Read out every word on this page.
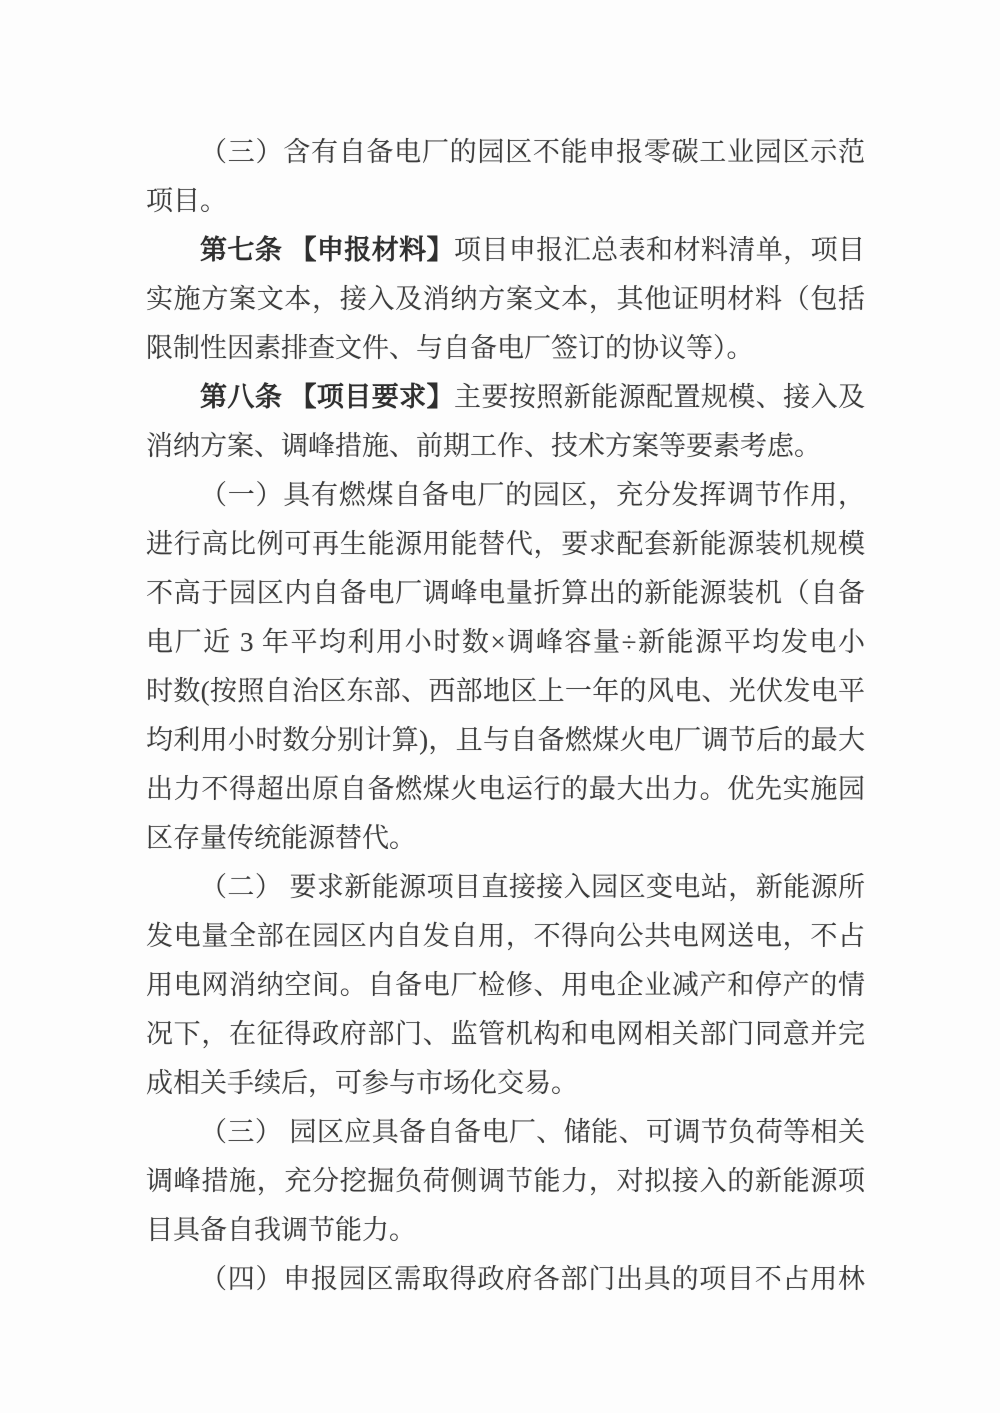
（三）含有自备电厂的园区不能申报零碳工业园区示范
项目。
第七条 【申报材料】项目申报汇总表和材料清单，项目
实施方案文本，接入及消纳方案文本，其他证明材料（包括
限制性因素排查文件、与自备电厂签订的协议等）。
第八条 【项目要求】主要按照新能源配置规模、接入及
消纳方案、调峰措施、前期工作、技术方案等要素考虑。
（一）具有燃煤自备电厂的园区，充分发挥调节作用，
进行高比例可再生能源用能替代，要求配套新能源装机规模
不高于园区内自备电厂调峰电量折算出的新能源装机（自备
电厂近 3 年平均利用小时数×调峰容量÷新能源平均发电小
时数(按照自治区东部、西部地区上一年的风电、光伏发电平
均利用小时数分别计算)，且与自备燃煤火电厂调节后的最大
出力不得超出原自备燃煤火电运行的最大出力。优先实施园
区存量传统能源替代。
（二） 要求新能源项目直接接入园区变电站，新能源所
发电量全部在园区内自发自用，不得向公共电网送电，不占
用电网消纳空间。自备电厂检修、用电企业减产和停产的情
况下，在征得政府部门、监管机构和电网相关部门同意并完
成相关手续后，可参与市场化交易。
（三） 园区应具备自备电厂、储能、可调节负荷等相关
调峰措施，充分挖掘负荷侧调节能力，对拟接入的新能源项
目具备自我调节能力。
（四）申报园区需取得政府各部门出具的项目不占用林
